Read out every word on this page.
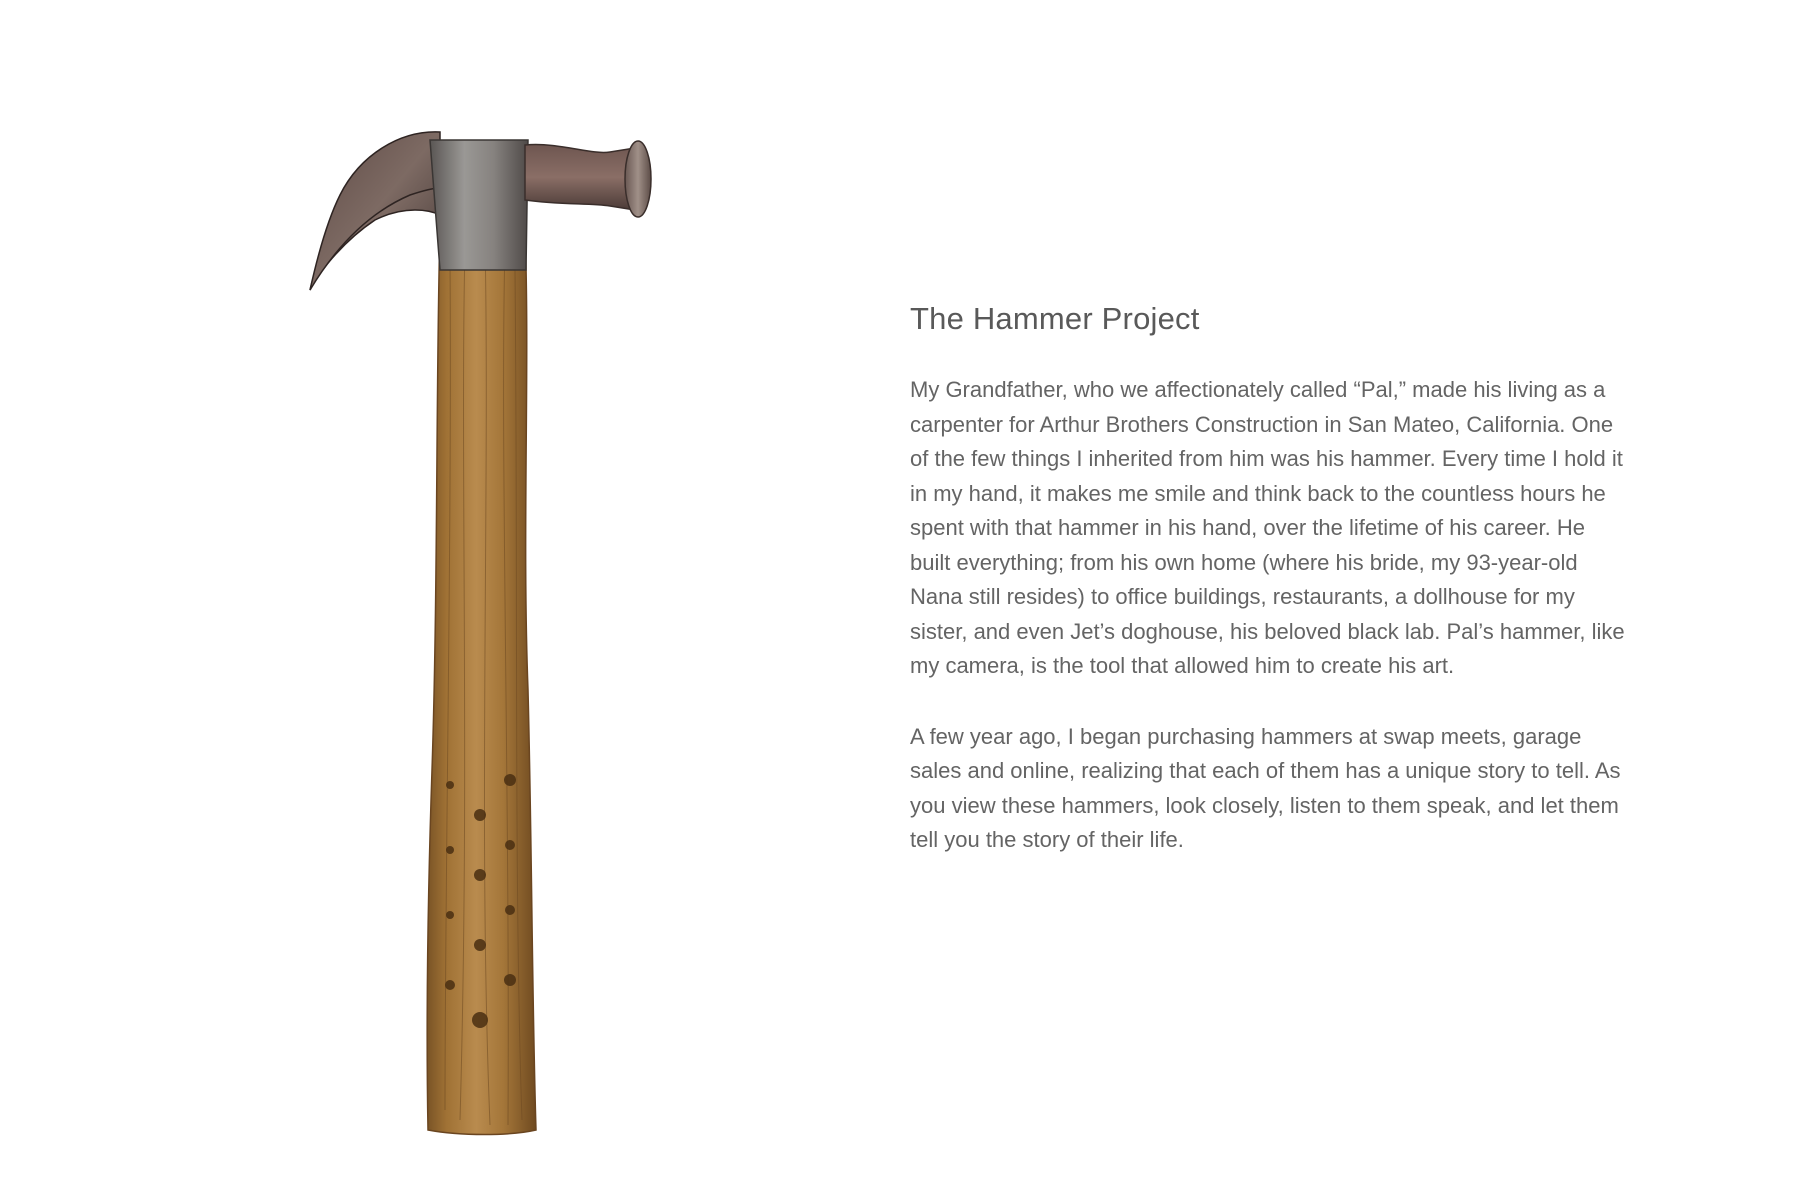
The Hammer Project

My Grandfather, who we affectionately called “Pal,” made his living as a carpenter for Arthur Brothers Construction in San Mateo, California. One of the few things I inherited from him was his hammer. Every time I hold it in my hand, it makes me smile and think back to the countless hours he spent with that hammer in his hand, over the lifetime of his career. He built everything; from his own home (where his bride, my 93-year-old Nana still resides) to office buildings, restaurants, a dollhouse for my sister, and even Jet’s doghouse, his beloved black lab. Pal’s hammer, like my camera, is the tool that allowed him to create his art.

A few year ago, I began purchasing hammers at swap meets, garage sales and online, realizing that each of them has a unique story to tell. As you view these hammers, look closely, listen to them speak, and let them tell you the story of their life.
